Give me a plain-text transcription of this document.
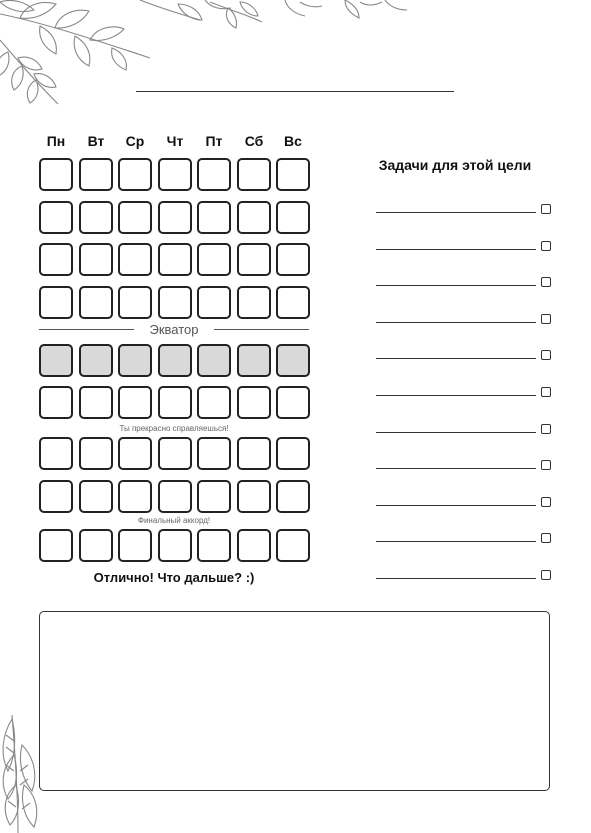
Пн	Вт	Ср	Чт	Пт	Сб	Вс
Экватор
Ты прекрасно справляешься!
Финальный аккорд!
Отлично! Что дальше? :)
Задачи для этой цели
